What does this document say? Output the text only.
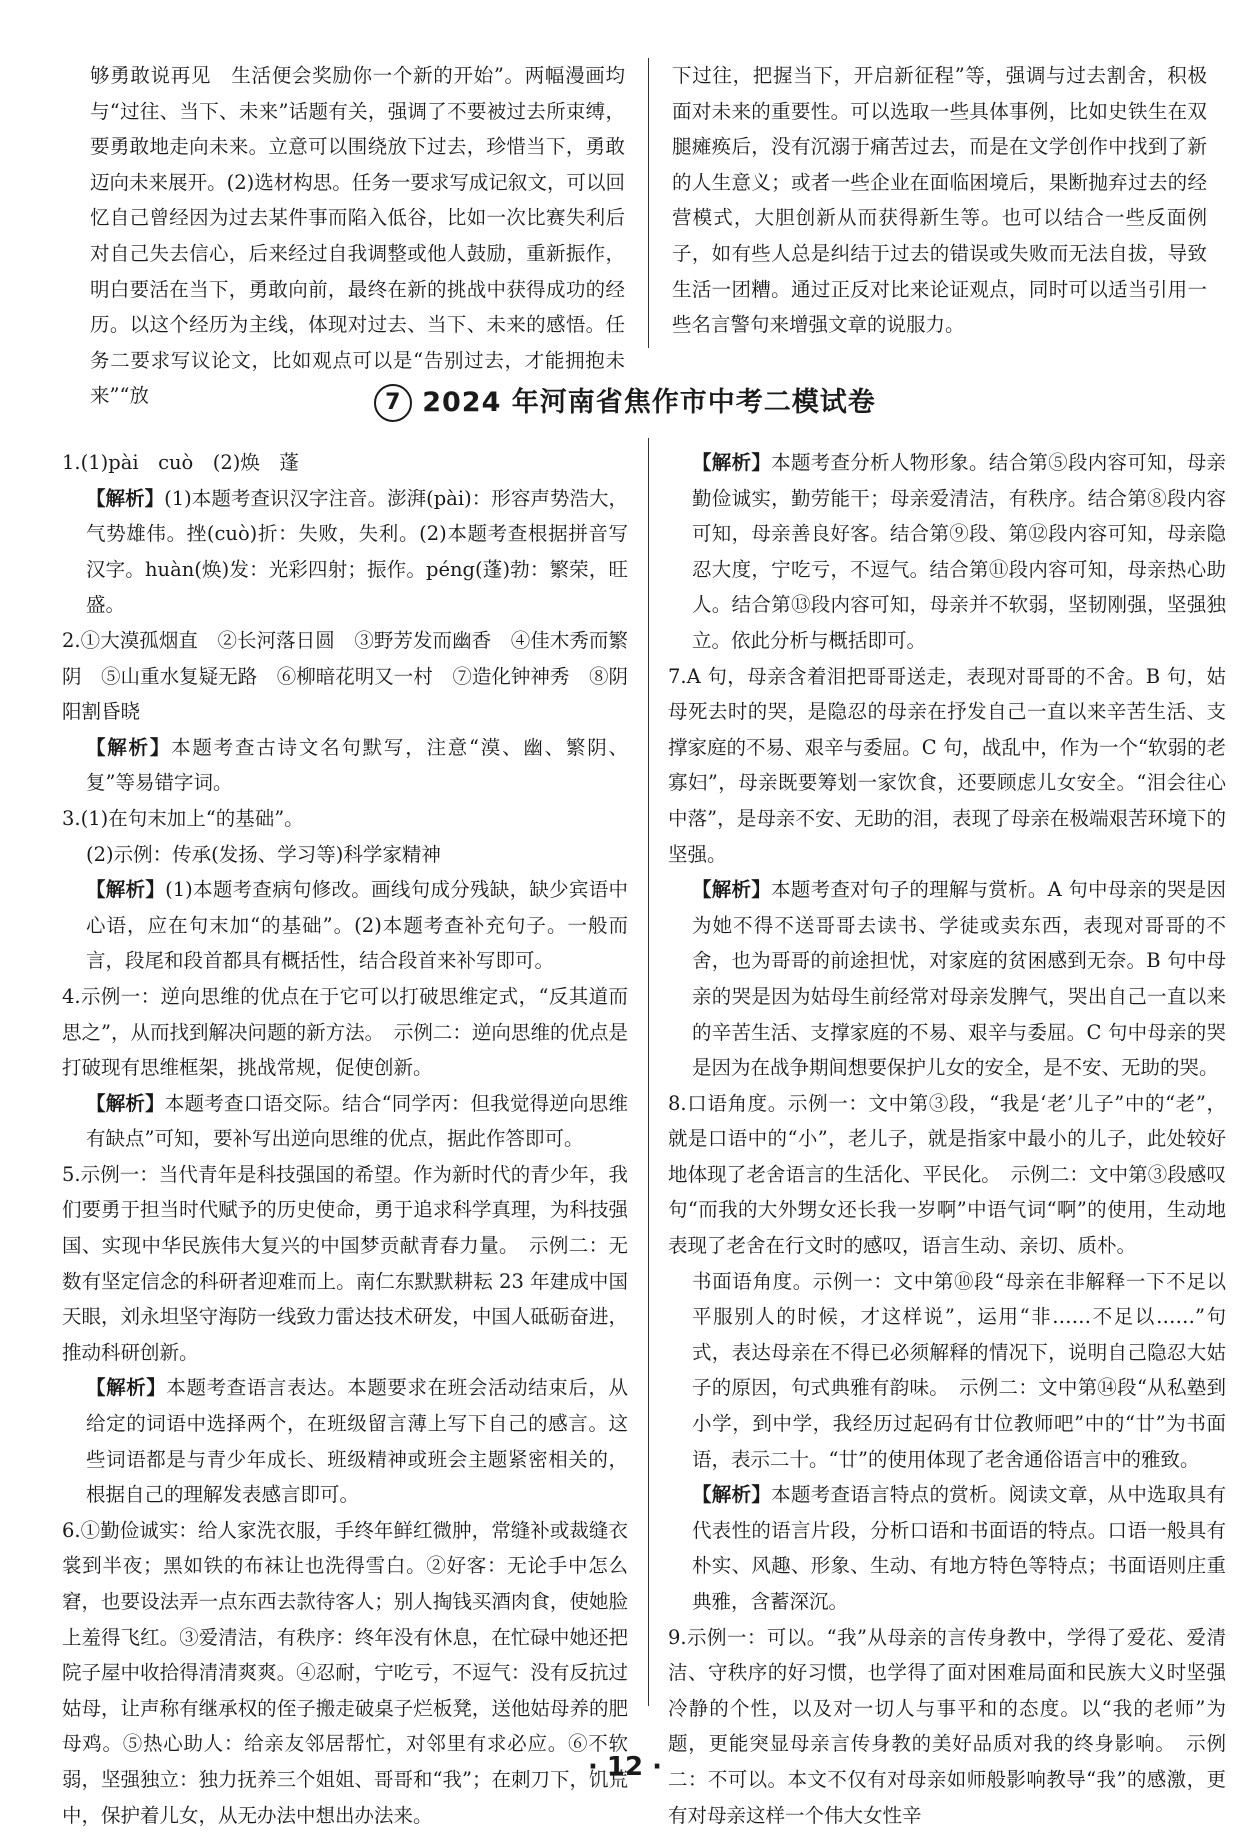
够勇敢说再见　生活便会奖励你一个新的开始”。两幅漫画均与“过往、当下、未来”话题有关，强调了不要被过去所束缚，要勇敢地走向未来。立意可以围绕放下过去，珍惜当下，勇敢迈向未来展开。(2)选材构思。任务一要求写成记叙文，可以回忆自己曾经因为过去某件事而陷入低谷，比如一次比赛失利后对自己失去信心，后来经过自我调整或他人鼓励，重新振作，明白要活在当下，勇敢向前，最终在新的挑战中获得成功的经历。以这个经历为主线，体现对过去、当下、未来的感悟。任务二要求写议论文，比如观点可以是“告别过去，才能拥抱未来”“放

下过往，把握当下，开启新征程”等，强调与过去割舍，积极面对未来的重要性。可以选取一些具体事例，比如史铁生在双腿瘫痪后，没有沉溺于痛苦过去，而是在文学创作中找到了新的人生意义；或者一些企业在面临困境后，果断抛弃过去的经营模式，大胆创新从而获得新生等。也可以结合一些反面例子，如有些人总是纠结于过去的错误或失败而无法自拔，导致生活一团糟。通过正反对比来论证观点，同时可以适当引用一些名言警句来增强文章的说服力。

7 2024 年河南省焦作市中考二模试卷

1.(1)pài　cuò　(2)焕　蓬

【解析】(1)本题考查识汉字注音。澎湃(pài)：形容声势浩大，气势雄伟。挫(cuò)折：失败，失利。(2)本题考查根据拼音写汉字。huàn(焕)发：光彩四射；振作。péng(蓬)勃：繁荣，旺盛。

2.①大漠孤烟直　②长河落日圆　③野芳发而幽香　④佳木秀而繁阴　⑤山重水复疑无路　⑥柳暗花明又一村　⑦造化钟神秀　⑧阴阳割昏晓

【解析】本题考查古诗文名句默写，注意“漠、幽、繁阴、复”等易错字词。

3.(1)在句末加上“的基础”。

(2)示例：传承(发扬、学习等)科学家精神

【解析】(1)本题考查病句修改。画线句成分残缺，缺少宾语中心语，应在句末加“的基础”。(2)本题考查补充句子。一般而言，段尾和段首都具有概括性，结合段首来补写即可。

4.示例一：逆向思维的优点在于它可以打破思维定式，“反其道而思之”，从而找到解决问题的新方法。　示例二：逆向思维的优点是打破现有思维框架，挑战常规，促使创新。

【解析】本题考查口语交际。结合“同学丙：但我觉得逆向思维有缺点”可知，要补写出逆向思维的优点，据此作答即可。

5.示例一：当代青年是科技强国的希望。作为新时代的青少年，我们要勇于担当时代赋予的历史使命，勇于追求科学真理，为科技强国、实现中华民族伟大复兴的中国梦贡献青春力量。　示例二：无数有坚定信念的科研者迎难而上。南仁东默默耕耘 23 年建成中国天眼，刘永坦坚守海防一线致力雷达技术研发，中国人砥砺奋进，推动科研创新。

【解析】本题考查语言表达。本题要求在班会活动结束后，从给定的词语中选择两个，在班级留言薄上写下自己的感言。这些词语都是与青少年成长、班级精神或班会主题紧密相关的，根据自己的理解发表感言即可。

6.①勤俭诚实：给人家洗衣服，手终年鲜红微肿，常缝补或裁缝衣裳到半夜；黑如铁的布袜让也洗得雪白。②好客：无论手中怎么窘，也要设法弄一点东西去款待客人；别人掏钱买酒肉食，使她脸上羞得飞红。③爱清洁，有秩序：终年没有休息，在忙碌中她还把院子屋中收拾得清清爽爽。④忍耐，宁吃亏，不逗气：没有反抗过姑母，让声称有继承权的侄子搬走破桌子烂板凳，送他姑母养的肥母鸡。⑤热心助人：给亲友邻居帮忙，对邻里有求必应。⑥不软弱，坚强独立：独力抚养三个姐姐、哥哥和“我”；在刺刀下，饥荒中，保护着儿女，从无办法中想出办法来。

【解析】本题考查分析人物形象。结合第⑤段内容可知，母亲勤俭诚实，勤劳能干；母亲爱清洁，有秩序。结合第⑧段内容可知，母亲善良好客。结合第⑨段、第⑫段内容可知，母亲隐忍大度，宁吃亏，不逗气。结合第⑪段内容可知，母亲热心助人。结合第⑬段内容可知，母亲并不软弱，坚韧刚强，坚强独立。依此分析与概括即可。

7.A 句，母亲含着泪把哥哥送走，表现对哥哥的不舍。B 句，姑母死去时的哭，是隐忍的母亲在抒发自己一直以来辛苦生活、支撑家庭的不易、艰辛与委屈。C 句，战乱中，作为一个“软弱的老寡妇”，母亲既要筹划一家饮食，还要顾虑儿女安全。“泪会往心中落”，是母亲不安、无助的泪，表现了母亲在极端艰苦环境下的坚强。

【解析】本题考查对句子的理解与赏析。A 句中母亲的哭是因为她不得不送哥哥去读书、学徒或卖东西，表现对哥哥的不舍，也为哥哥的前途担忧，对家庭的贫困感到无奈。B 句中母亲的哭是因为姑母生前经常对母亲发脾气，哭出自己一直以来的辛苦生活、支撑家庭的不易、艰辛与委屈。C 句中母亲的哭是因为在战争期间想要保护儿女的安全，是不安、无助的哭。

8.口语角度。示例一：文中第③段，“我是‘老’儿子”中的“老”，就是口语中的“小”，老儿子，就是指家中最小的儿子，此处较好地体现了老舍语言的生活化、平民化。　示例二：文中第③段感叹句“而我的大外甥女还长我一岁啊”中语气词“啊”的使用，生动地表现了老舍在行文时的感叹，语言生动、亲切、质朴。

书面语角度。示例一：文中第⑩段“母亲在非解释一下不足以平服别人的时候，才这样说”，运用“非……不足以……”句式，表达母亲在不得已必须解释的情况下，说明自己隐忍大姑子的原因，句式典雅有韵味。　示例二：文中第⑭段“从私塾到小学，到中学，我经历过起码有廿位教师吧”中的“廿”为书面语，表示二十。“廿”的使用体现了老舍通俗语言中的雅致。

【解析】本题考查语言特点的赏析。阅读文章，从中选取具有代表性的语言片段，分析口语和书面语的特点。口语一般具有朴实、风趣、形象、生动、有地方特色等特点；书面语则庄重典雅，含蓄深沉。

9.示例一：可以。“我”从母亲的言传身教中，学得了爱花、爱清洁、守秩序的好习惯，也学得了面对困难局面和民族大义时坚强冷静的个性，以及对一切人与事平和的态度。以“我的老师”为题，更能突显母亲言传身教的美好品质对我的终身影响。　示例二：不可以。本文不仅有对母亲如师般影响教导“我”的感激，更有对母亲这样一个伟大女性辛

· 12 ·
